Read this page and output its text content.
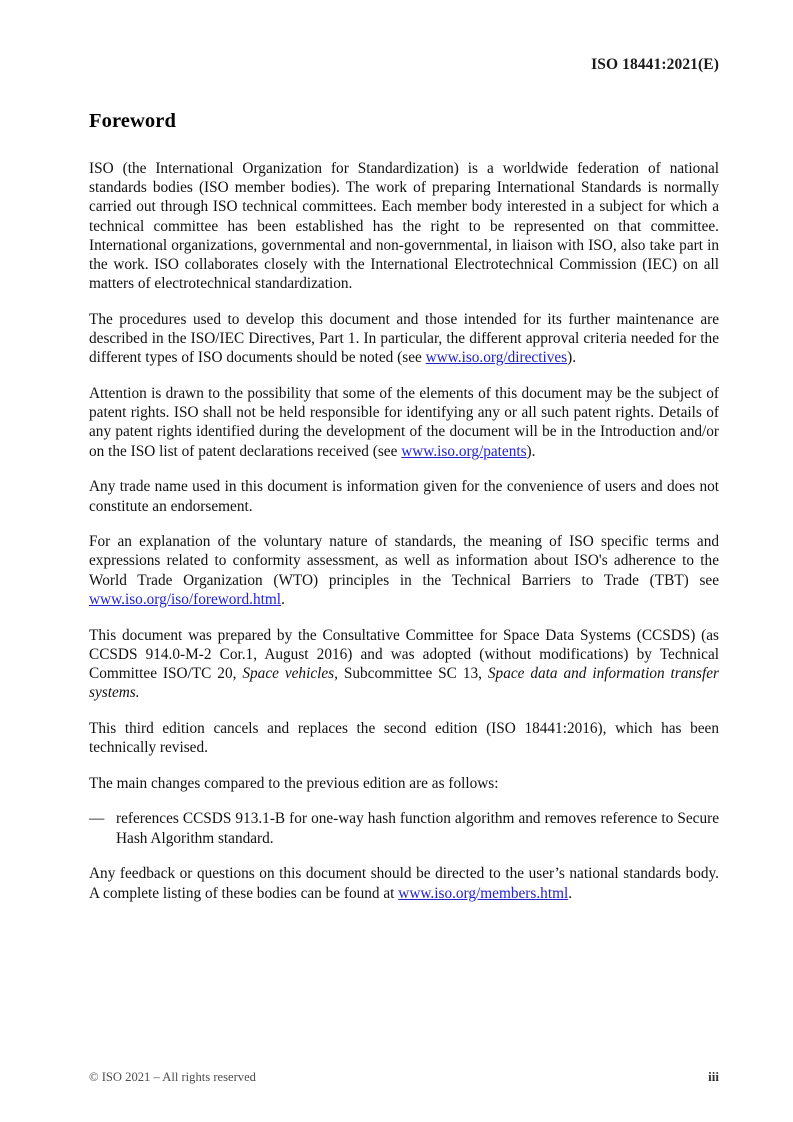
ISO 18441:2021(E)
Foreword

ISO (the International Organization for Standardization) is a worldwide federation of national standards bodies (ISO member bodies). The work of preparing International Standards is normally carried out through ISO technical committees. Each member body interested in a subject for which a technical committee has been established has the right to be represented on that committee. International organizations, governmental and non-governmental, in liaison with ISO, also take part in the work. ISO collaborates closely with the International Electrotechnical Commission (IEC) on all matters of electrotechnical standardization.

The procedures used to develop this document and those intended for its further maintenance are described in the ISO/IEC Directives, Part 1. In particular, the different approval criteria needed for the different types of ISO documents should be noted (see www.iso.org/directives).

Attention is drawn to the possibility that some of the elements of this document may be the subject of patent rights. ISO shall not be held responsible for identifying any or all such patent rights. Details of any patent rights identified during the development of the document will be in the Introduction and/or on the ISO list of patent declarations received (see www.iso.org/patents).

Any trade name used in this document is information given for the convenience of users and does not constitute an endorsement.

For an explanation of the voluntary nature of standards, the meaning of ISO specific terms and expressions related to conformity assessment, as well as information about ISO's adherence to the World Trade Organization (WTO) principles in the Technical Barriers to Trade (TBT) see www.iso.org/iso/foreword.html.

This document was prepared by the Consultative Committee for Space Data Systems (CCSDS) (as CCSDS 914.0-M-2 Cor.1, August 2016) and was adopted (without modifications) by Technical Committee ISO/TC 20, Space vehicles, Subcommittee SC 13, Space data and information transfer systems.

This third edition cancels and replaces the second edition (ISO 18441:2016), which has been technically revised.

The main changes compared to the previous edition are as follows:

— references CCSDS 913.1-B for one-way hash function algorithm and removes reference to Secure Hash Algorithm standard.

Any feedback or questions on this document should be directed to the user’s national standards body. A complete listing of these bodies can be found at www.iso.org/members.html.

© ISO 2021 – All rights reserved	iii
